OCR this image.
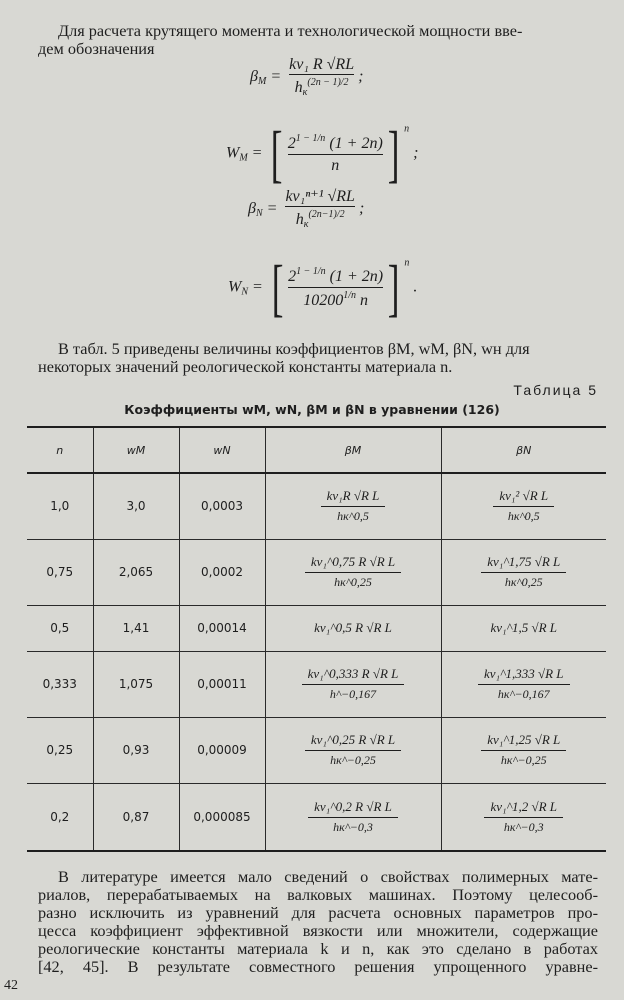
Для расчета крутящего момента и технологической мощности вве-
дем обозначения
$\beta_M$ =
kv₁ R √RL
$h_к^{(2n - 1)/2}$ ;
$W_M$ = [ $\frac{2^{1 - 1/n} (1 + 2n)}{n}$ ] $^n$ ;
$\beta_N$ =
kv₁ⁿ⁺¹ √RL
$h_к^{(2n-1)/2}$ ;
$W_N$ = [ $\frac{2^{1 - 1/n} (1 + 2n)}{10200^{1/n} n}$ ] $^n$ .
В табл. 5 приведены величины коэффициентов βM, wM, βN, wн для
некоторых значений реологической константы материала n.
Таблица 5
Коэффициенты wM, wN, βM и βN в уравнении (126)
n	wM	wN	βM	βN
1,0	3,0	0,0003	$\frac{\text{kv₁R √R L}}{hк\^{}0,5}$	$\frac{\text{kv₁² √R L}}{hк\^{}0,5}$

0,75	2,065	0,0002	$\frac{\text{kv₁\textasciicircum{}0,75 R √R L}}{hк\^{}0,25}$	$\frac{\text{kv₁\textasciicircum{}1,75 √R L}}{hк\^{}0,25}$

0,5	1,41	0,00014	kv₁^0,5 R √R L	kv₁^1,5 √R L
0,333	1,075	0,00011	$\frac{\text{kv₁\textasciicircum{}0,333 R √R L}}{h\^{}-0,167}$	$\frac{\text{kv₁\textasciicircum{}1,333 √R L}}{hк\^{}-0,167}$

0,25	0,93	0,00009	$\frac{\text{kv₁\textasciicircum{}0,25 R √R L}}{hк\^{}-0,25}$	$\frac{\text{kv₁\textasciicircum{}1,25 √R L}}{hк\^{}-0,25}$

0,2	0,87	0,000085	$\frac{\text{kv₁\textasciicircum{}0,2 R √R L}}{hк\^{}-0,3}$	$\frac{\text{kv₁\textasciicircum{}1,2 √R L}}{hк\^{}-0,3}$
В литературе имеется мало сведений о свойствах полимерных мате-
риалов, перерабатываемых на валковых машинах. Поэтому целесооб-
разно исключить из уравнений для расчета основных параметров про-
цесса коэффициент эффективной вязкости или множители, содержащие
реологические константы материала k и n, как это сделано в работах
[42, 45]. В результате совместного решения упрощенного уравне-
42
